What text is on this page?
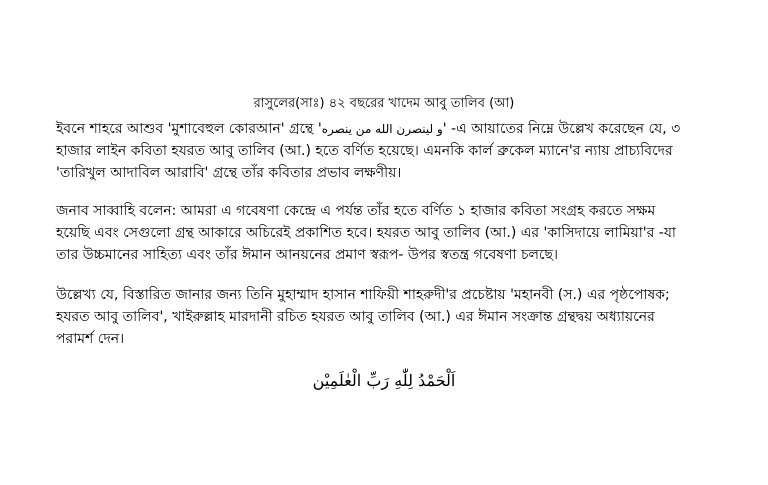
রাসুলের(সাঃ) ৪২ বছরের খাদেম আবু তালিব (আ)
ইবনে শাহরে আশুব 'মুশাবেহুল কোরআন' গ্রন্থে 'و لينصرن الله من ينصره' -এ আয়াতের নিম্নে উল্লেখ করেছেন যে, ৩
হাজার লাইন কবিতা হযরত আবু তালিব (আ.) হতে বর্ণিত হয়েছে। এমনকি কার্ল ব্রুকেল ম্যানে'র ন্যায় প্রাচ্যবিদের
'তারিখুল আদাবিল আরাবি' গ্রন্থে তাঁর কবিতার প্রভাব লক্ষণীয়।
জনাব সাব্বাহি বলেন: আমরা এ গবেষণা কেন্দ্রে এ পর্যন্ত তাঁর হতে বর্ণিত ১ হাজার কবিতা সংগ্রহ করতে সক্ষম
হয়েছি এবং সেগুলো গ্রন্থ আকারে অচিরেই প্রকাশিত হবে। হযরত আবু তালিব (আ.) এর 'কাসিদায়ে লামিয়া'র -যা
তার উচ্চমানের সাহিত্য এবং তাঁর ঈমান আনয়নের প্রমাণ স্বরূপ- উপর স্বতন্ত্র গবেষণা চলছে।
উল্লেখ্য যে, বিস্তারিত জানার জন্য তিনি মুহাম্মাদ হাসান শাফিয়ী শাহরুদী'র প্রচেষ্টায় 'মহানবী (স.) এর পৃষ্ঠপোষক;
হযরত আবু তালিব', খাইরুল্লাহ মারদানী রচিত হযরত আবু তালিব (আ.) এর ঈমান সংক্রান্ত গ্রন্থদ্বয় অধ্যায়নের
পরামর্শ দেন।
اَلْحَمْدُ لِلّٰهِ رَبِّ الْعٰلَمِيْن
